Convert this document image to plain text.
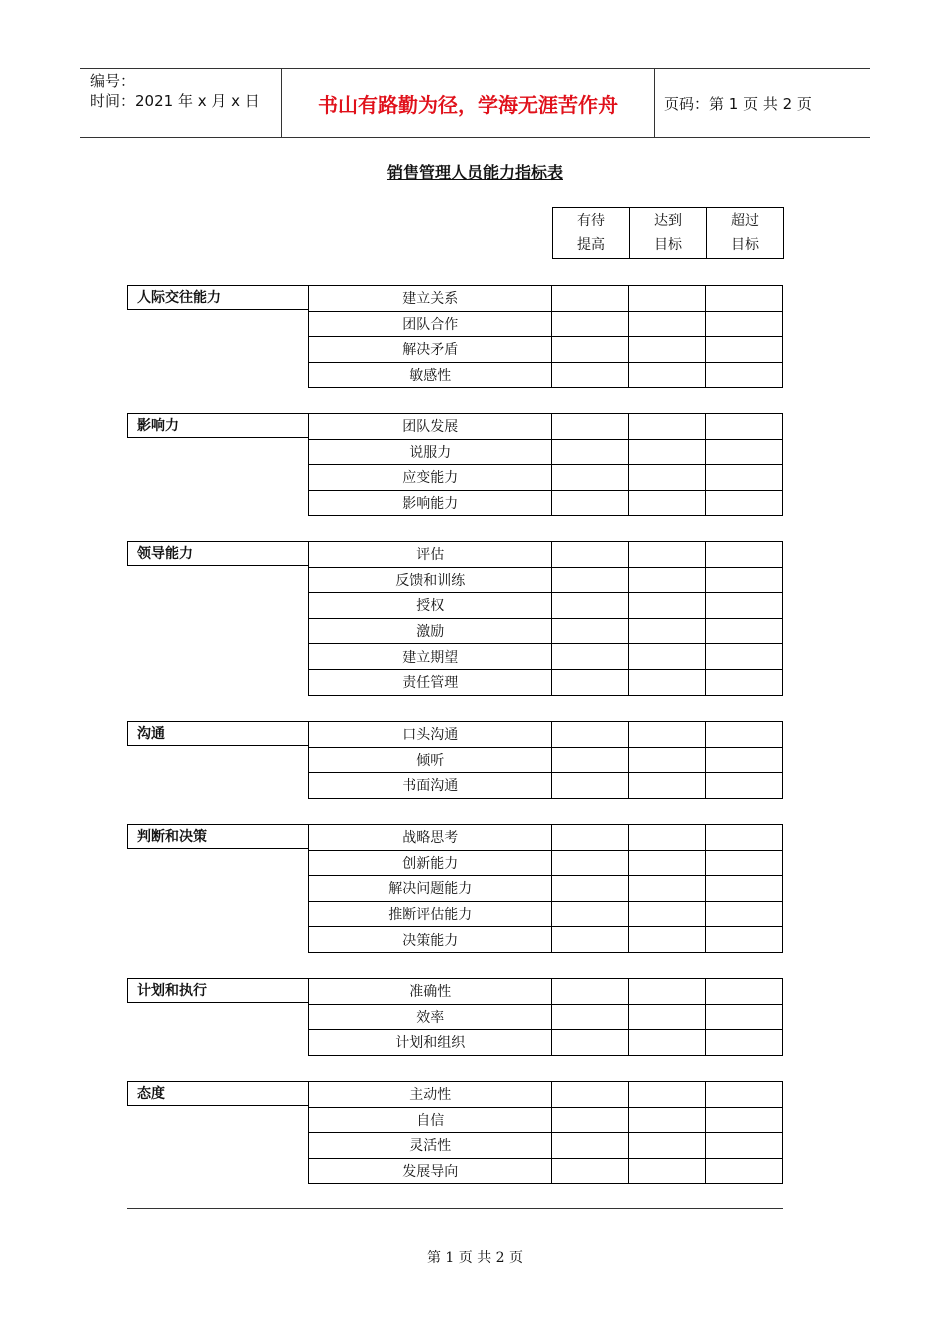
编号：
时间：2021 年 x 月 x 日	书山有路勤为径，学海无涯苦作舟	页码：第 1 页 共 2 页
销售管理人员能力指标表
有待
提高

达到
目标

超过
目标
人际交往能力	建立关系			
团队合作			
解决矛盾			
敏感性			
影响力	团队发展			
说服力			
应变能力			
影响能力			
领导能力	评估			
反馈和训练			
授权			
激励			
建立期望			
责任管理			
沟通	口头沟通			
倾听			
书面沟通			
判断和决策	战略思考			
创新能力			
解决问题能力			
推断评估能力			
决策能力			
计划和执行	准确性			
效率			
计划和组织			
态度	主动性			
自信			
灵活性			
发展导向			
第 1 页 共 2 页
